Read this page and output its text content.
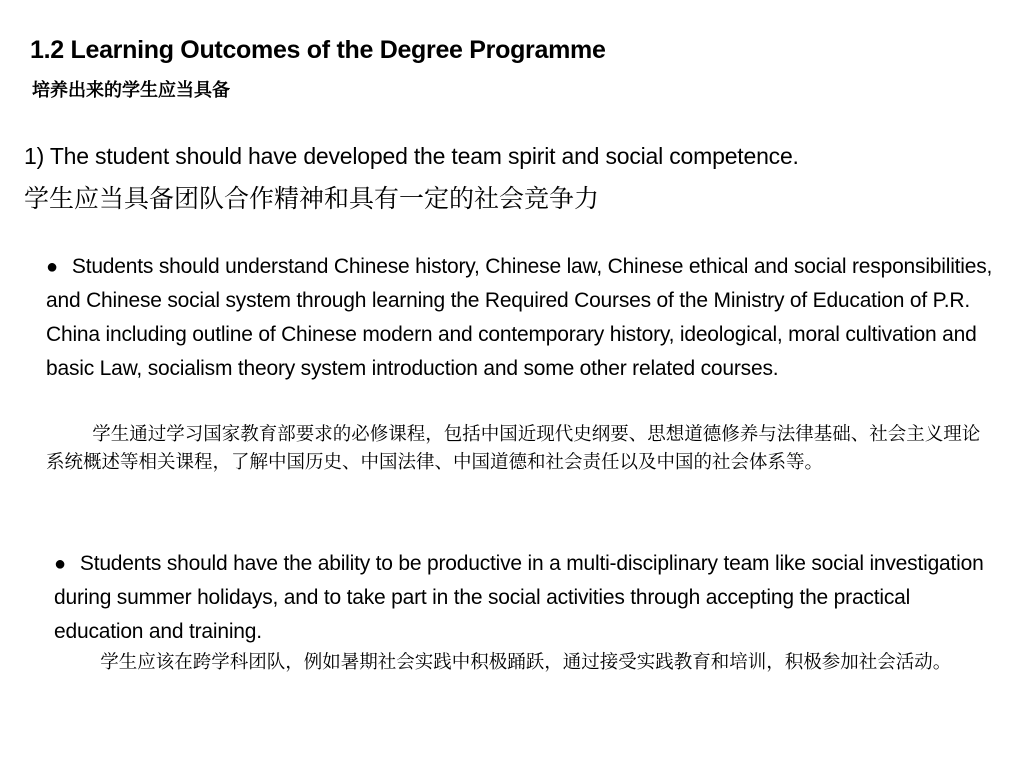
1.2 Learning Outcomes of the Degree Programme
培养出来的学生应当具备
1) The student should have developed the team spirit and social competence.
学生应当具备团队合作精神和具有一定的社会竞争力
● Students should understand Chinese history, Chinese law, Chinese ethical and social responsibilities, and Chinese social system through learning the Required Courses of the Ministry of Education of P.R. China including outline of Chinese modern and contemporary history, ideological, moral cultivation and basic Law, socialism theory system introduction and some other related courses.
学生通过学习国家教育部要求的必修课程，包括中国近现代史纲要、思想道德修养与法律基础、社会主义理论系统概述等相关课程，了解中国历史、中国法律、中国道德和社会责任以及中国的社会体系等。
● Students should have the ability to be productive in a multi-disciplinary team like social investigation during summer holidays, and to take part in the social activities through accepting the practical education and training.
学生应该在跨学科团队，例如暑期社会实践中积极踊跃，通过接受实践教育和培训，积极参加社会活动。
